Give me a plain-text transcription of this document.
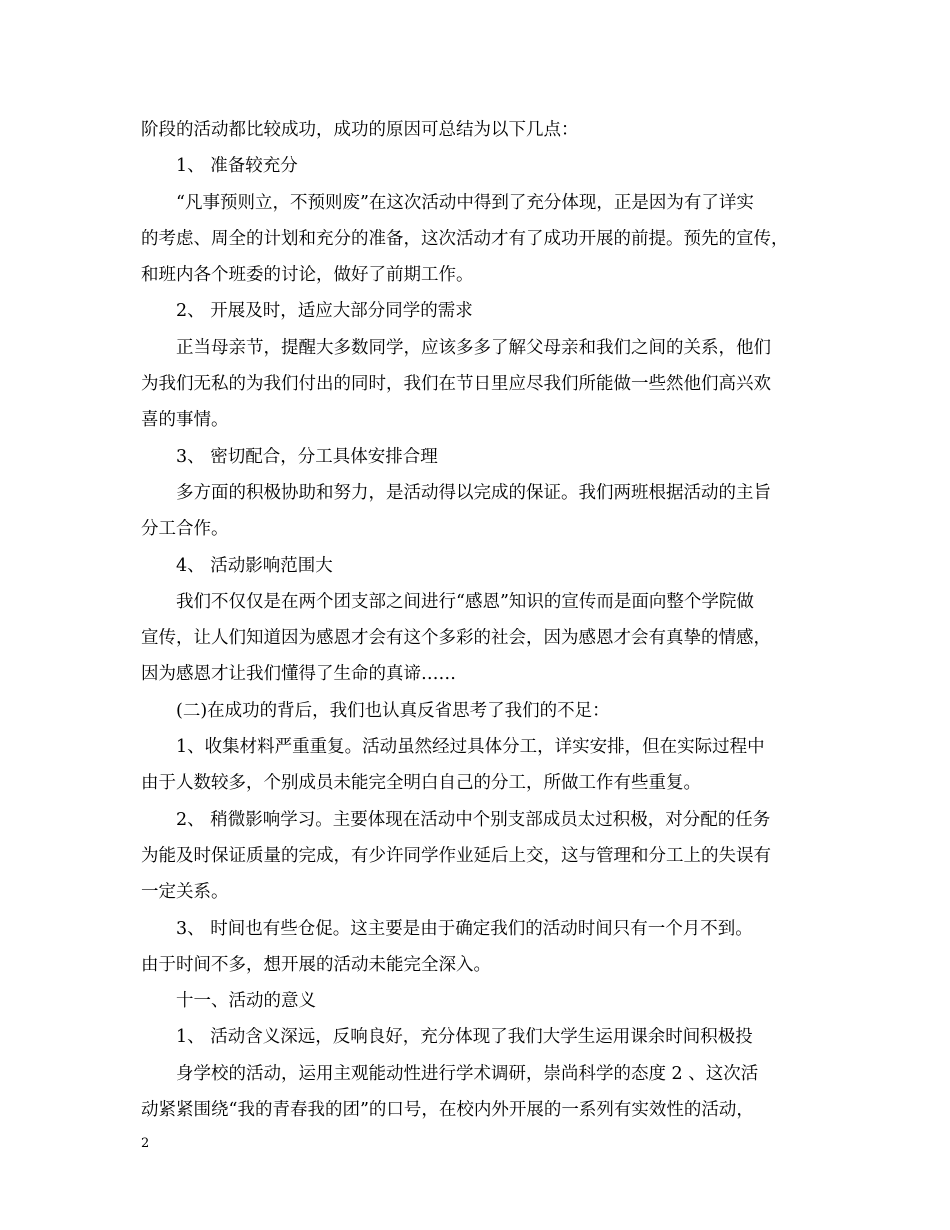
阶段的活动都比较成功，成功的原因可总结为以下几点：
1、 准备较充分
“凡事预则立，不预则废”在这次活动中得到了充分体现，正是因为有了详实
的考虑、周全的计划和充分的准备，这次活动才有了成功开展的前提。预先的宣传，
和班内各个班委的讨论，做好了前期工作。
2、 开展及时，适应大部分同学的需求
正当母亲节，提醒大多数同学，应该多多了解父母亲和我们之间的关系，他们
为我们无私的为我们付出的同时，我们在节日里应尽我们所能做一些然他们高兴欢
喜的事情。
3、 密切配合，分工具体安排合理
多方面的积极协助和努力，是活动得以完成的保证。我们两班根据活动的主旨
分工合作。
4、 活动影响范围大
我们不仅仅是在两个团支部之间进行“感恩”知识的宣传而是面向整个学院做
宣传，让人们知道因为感恩才会有这个多彩的社会，因为感恩才会有真挚的情感，
因为感恩才让我们懂得了生命的真谛……
(二)在成功的背后，我们也认真反省思考了我们的不足：
1、收集材料严重重复。活动虽然经过具体分工，详实安排，但在实际过程中
由于人数较多，个别成员未能完全明白自己的分工，所做工作有些重复。
2、 稍微影响学习。主要体现在活动中个别支部成员太过积极，对分配的任务
为能及时保证质量的完成，有少许同学作业延后上交，这与管理和分工上的失误有
一定关系。
3、 时间也有些仓促。这主要是由于确定我们的活动时间只有一个月不到。
由于时间不多，想开展的活动未能完全深入。
十一、活动的意义
1、 活动含义深远，反响良好，充分体现了我们大学生运用课余时间积极投
身学校的活动，运用主观能动性进行学术调研，崇尚科学的态度 2 、这次活
动紧紧围绕“我的青春我的团”的口号，在校内外开展的一系列有实效性的活动，
2
